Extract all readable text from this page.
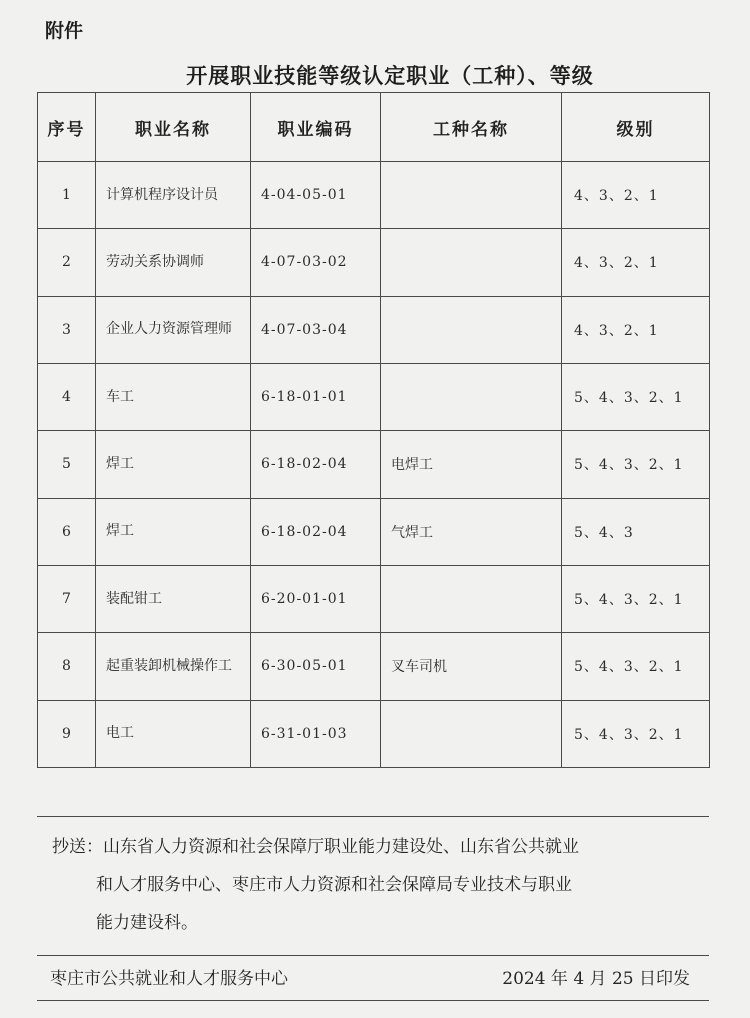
附件
开展职业技能等级认定职业（工种）、等级
序号	职业名称	职业编码	工种名称	级别
1	计算机程序设计员	4-04-05-01		4、3、2、1
2	劳动关系协调师	4-07-03-02		4、3、2、1
3	企业人力资源管理师	4-07-03-04		4、3、2、1
4	车工	6-18-01-01		5、4、3、2、1
5	焊工	6-18-02-04	电焊工	5、4、3、2、1
6	焊工	6-18-02-04	气焊工	5、4、3
7	装配钳工	6-20-01-01		5、4、3、2、1
8	起重装卸机械操作工	6-30-05-01	叉车司机	5、4、3、2、1
9	电工	6-31-01-03		5、4、3、2、1
抄送：山东省人力资源和社会保障厅职业能力建设处、山东省公共就业
和人才服务中心、枣庄市人力资源和社会保障局专业技术与职业
能力建设科。
枣庄市公共就业和人才服务中心	2024 年 4 月 25 日印发
